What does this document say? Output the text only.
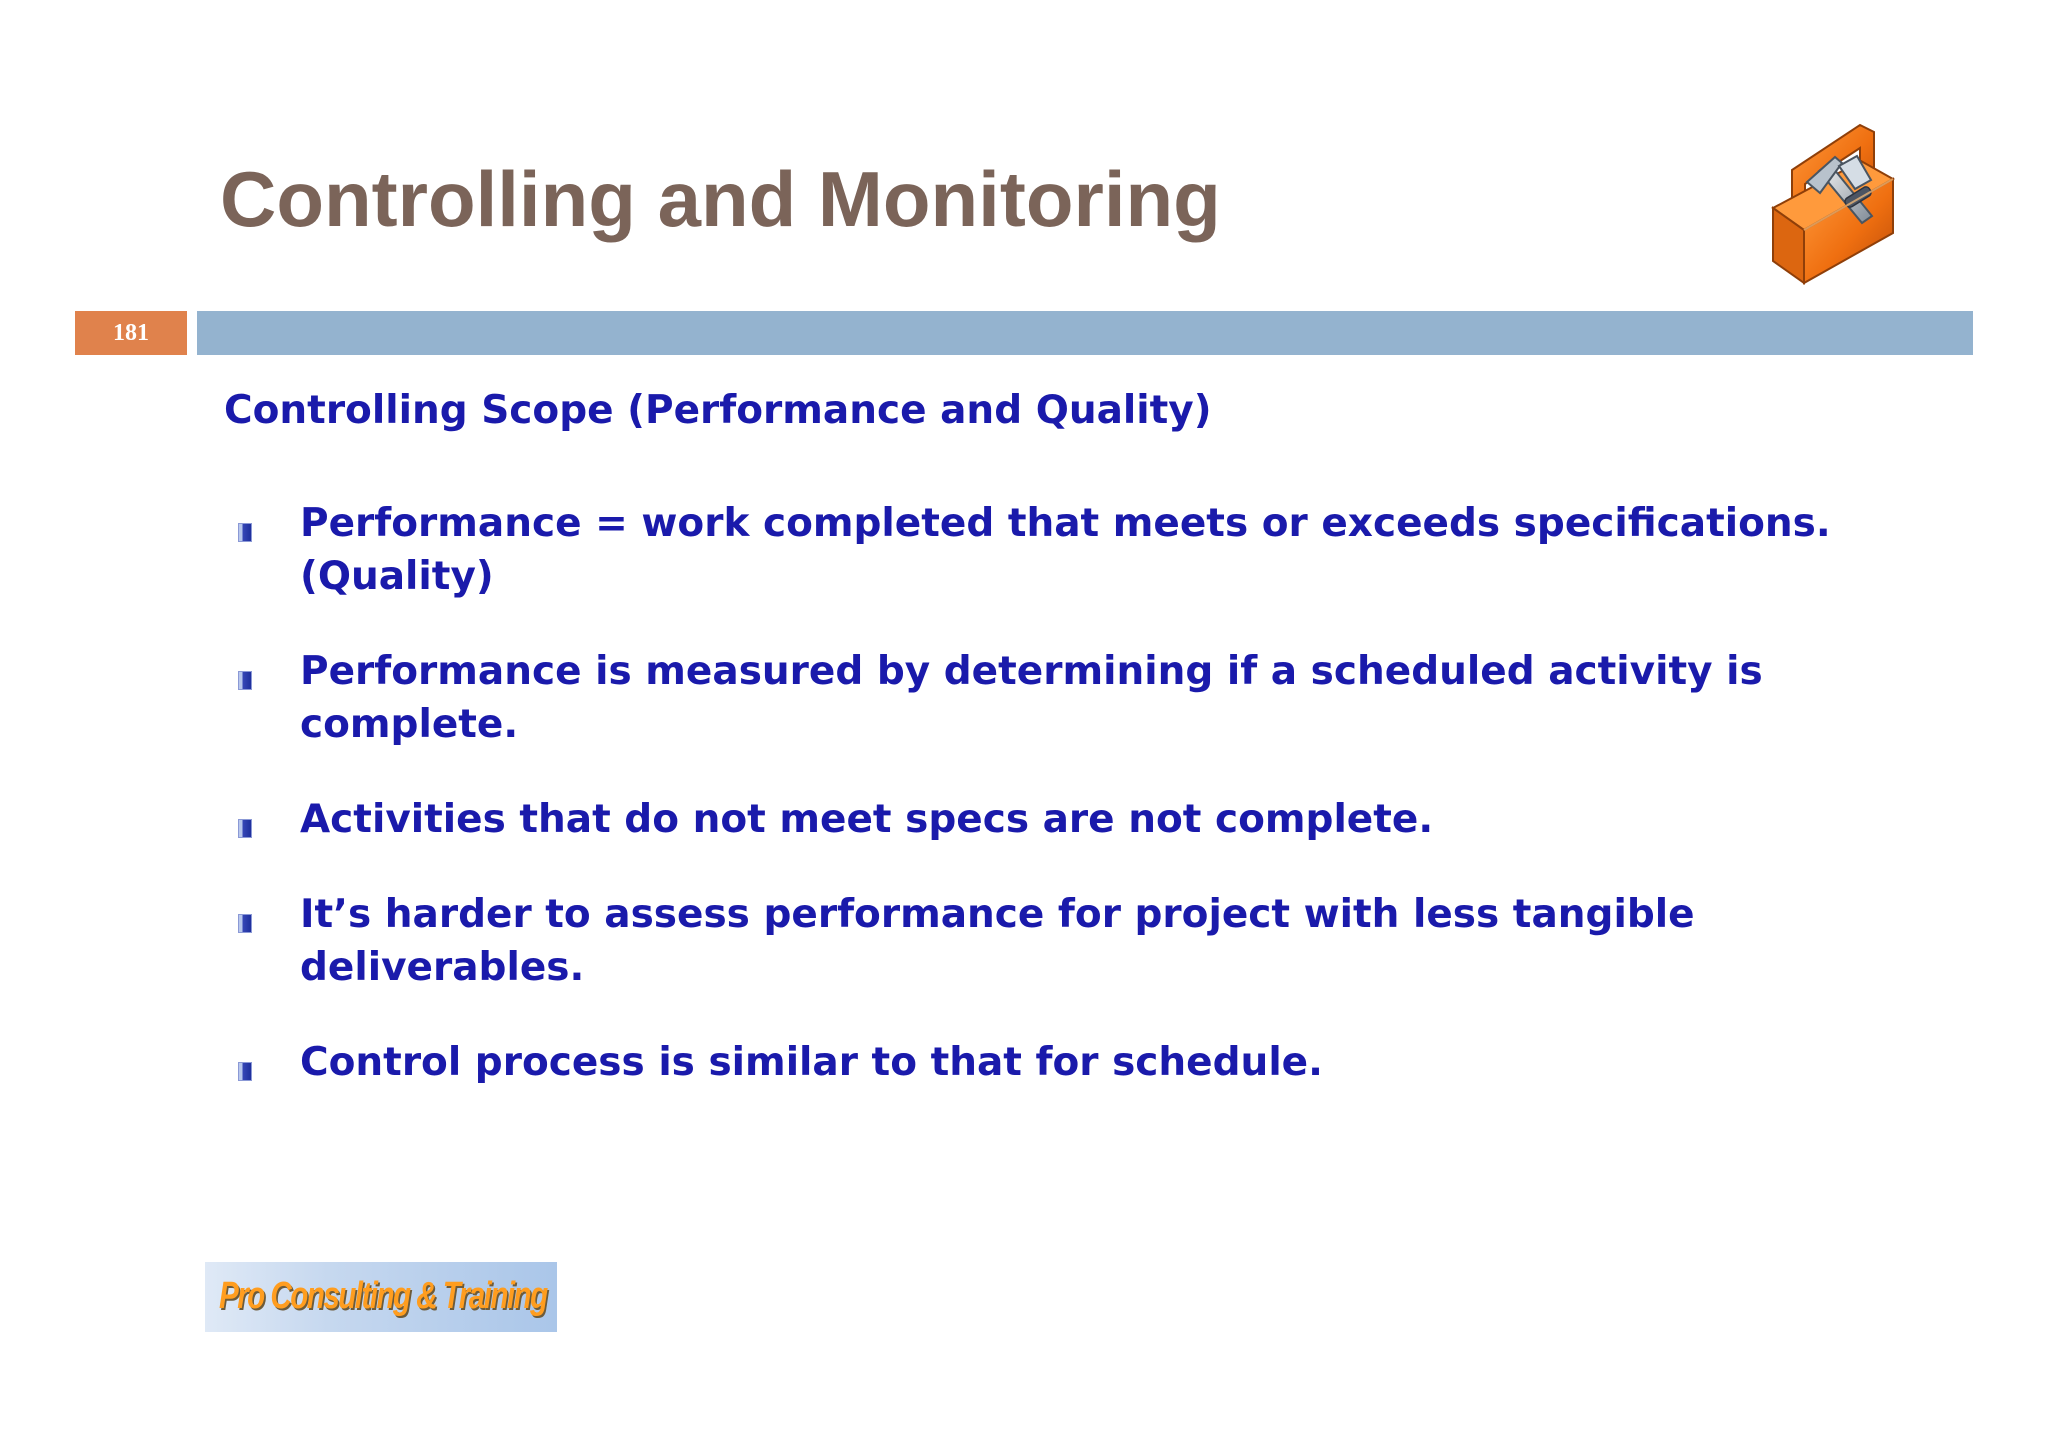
Controlling and Monitoring
181
Controlling Scope (Performance and Quality)
Performance = work completed that meets or exceeds specifications. (Quality)
Performance is measured by determining if a scheduled activity is complete.
Activities that do not meet specs are not complete.
It’s harder to assess performance for project with less tangible deliverables.
Control process is similar to that for schedule.
Pro Consulting & Training
